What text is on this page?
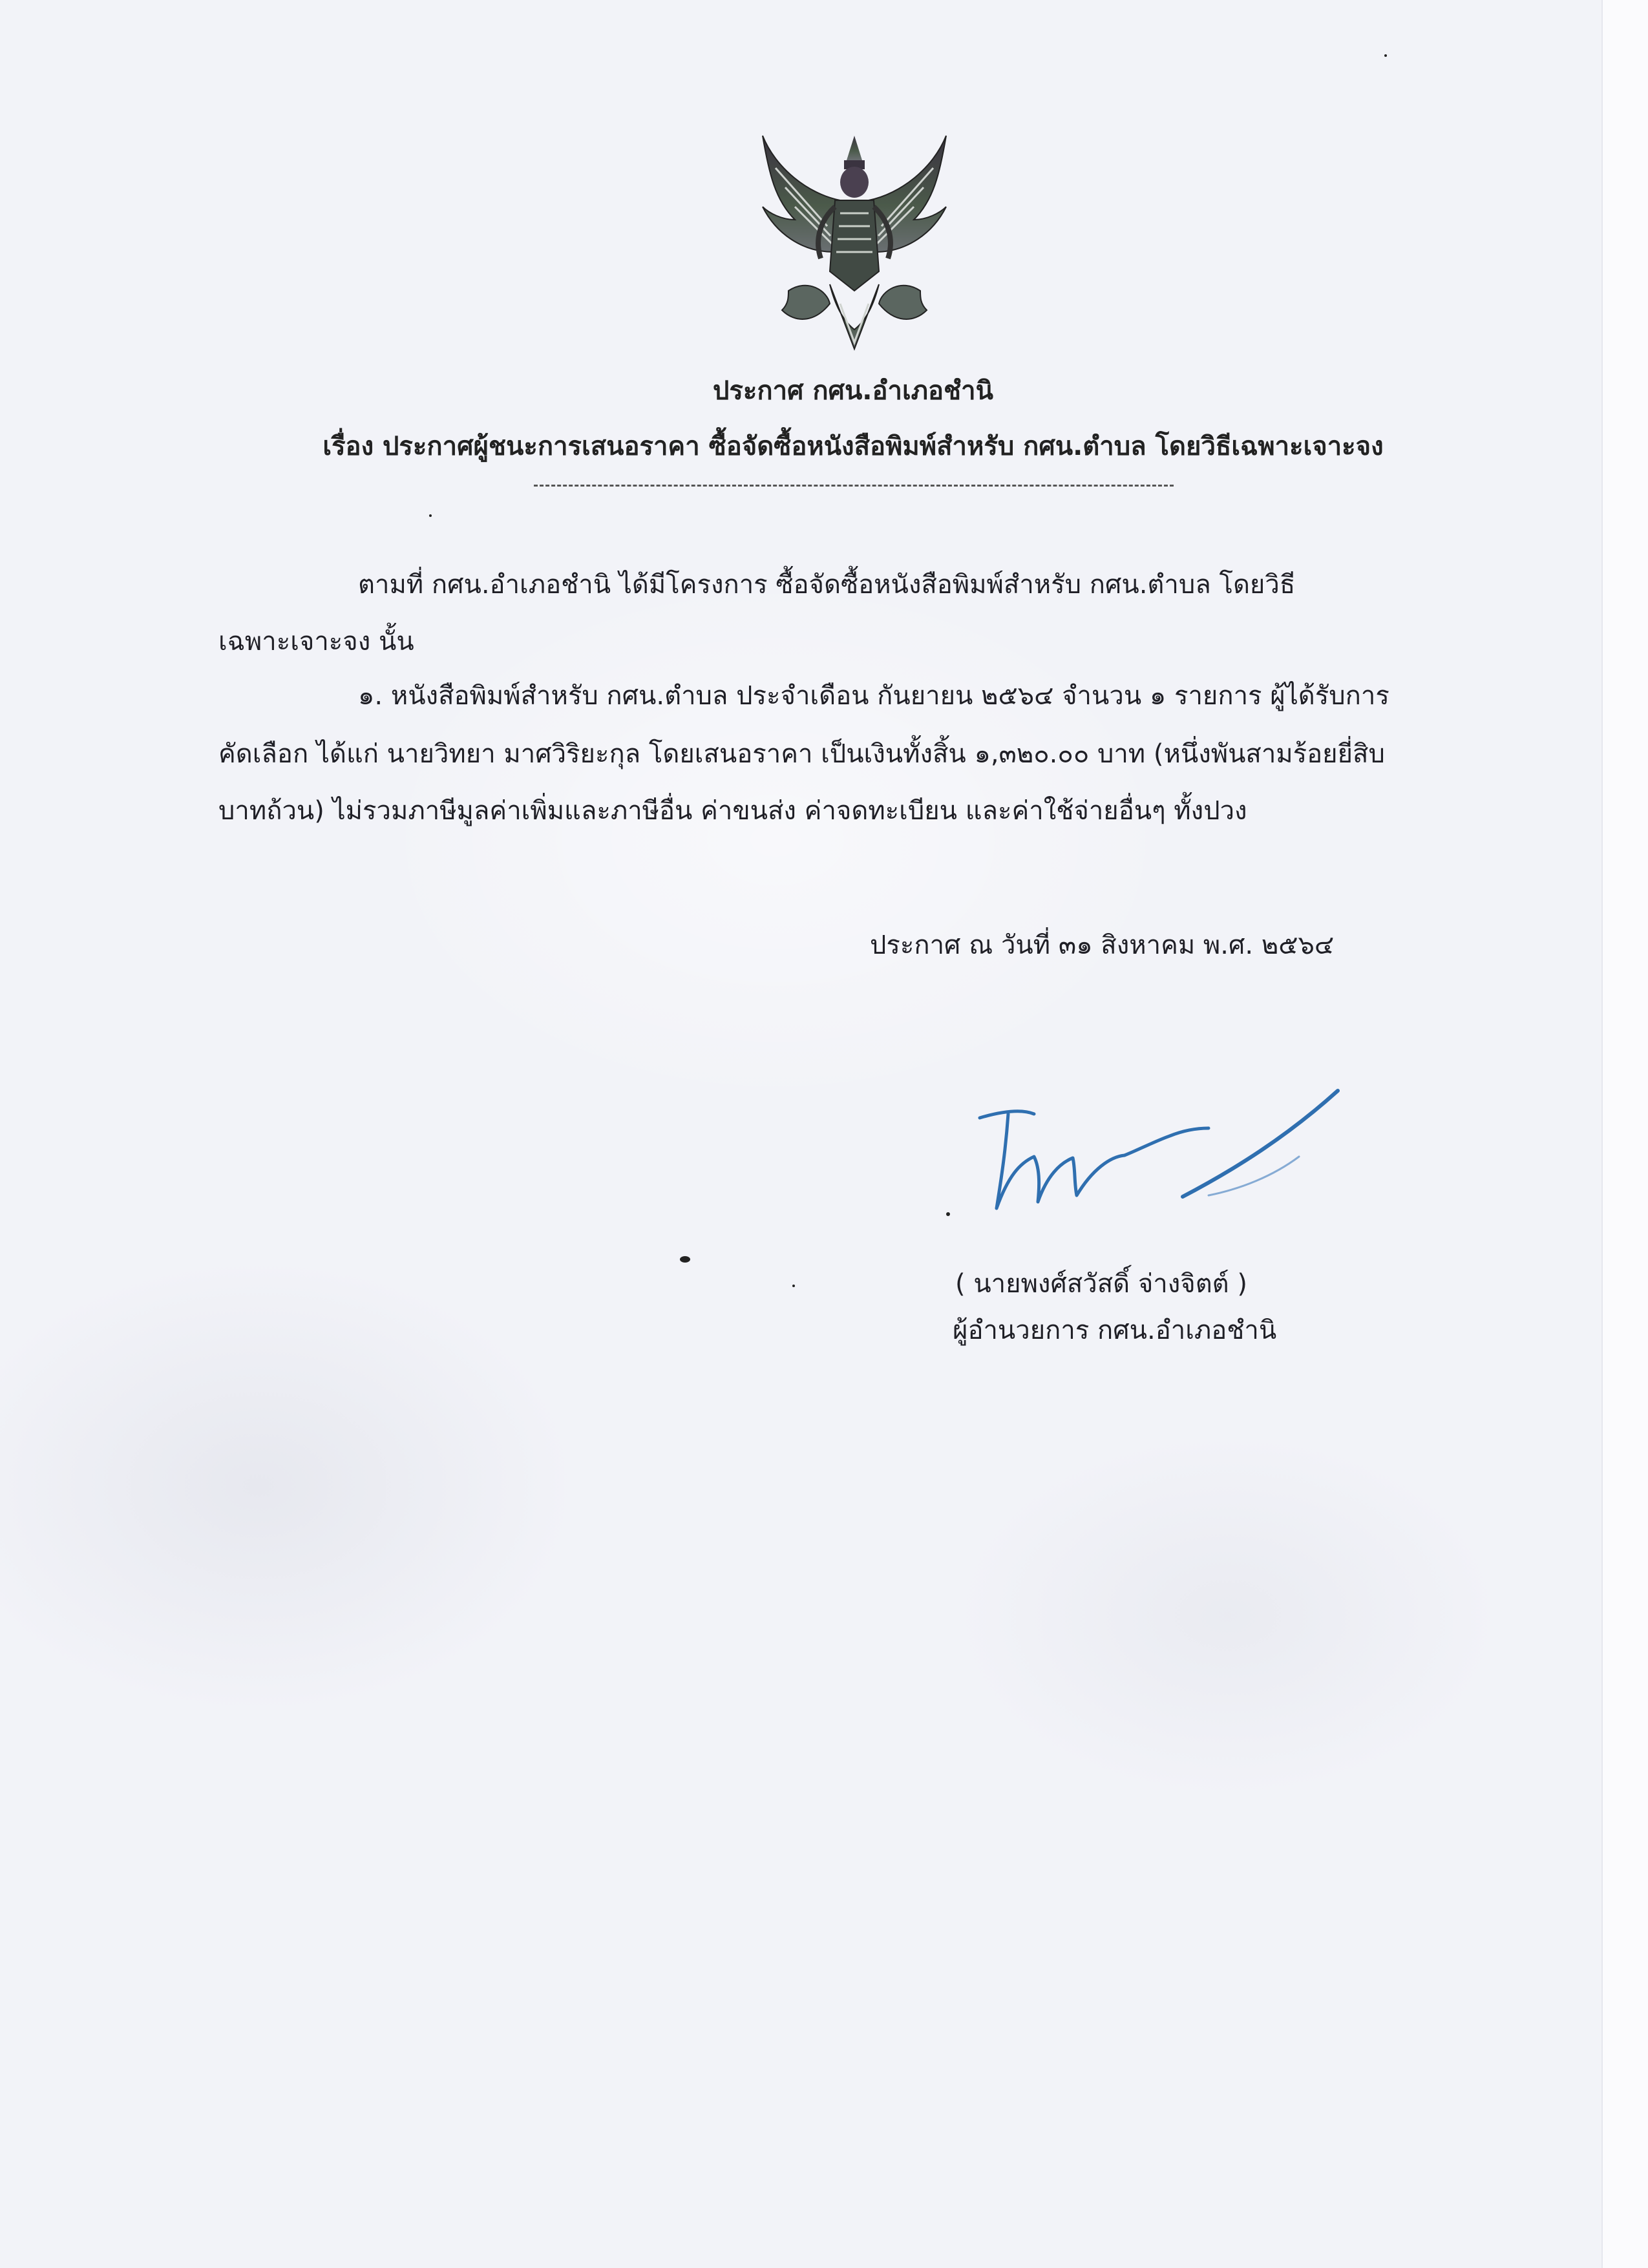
ประกาศ กศน.อำเภอชำนิ
เรื่อง ประกาศผู้ชนะการเสนอราคา ซื้อจัดซื้อหนังสือพิมพ์สำหรับ กศน.ตำบล โดยวิธีเฉพาะเจาะจง
ตามที่ กศน.อำเภอชำนิ ได้มีโครงการ ซื้อจัดซื้อหนังสือพิมพ์สำหรับ กศน.ตำบล โดยวิธี
เฉพาะเจาะจง นั้น
๑. หนังสือพิมพ์สำหรับ กศน.ตำบล ประจำเดือน กันยายน ๒๕๖๔ จำนวน ๑ รายการ ผู้ได้รับการ
คัดเลือก ได้แก่ นายวิทยา มาศวิริยะกุล โดยเสนอราคา เป็นเงินทั้งสิ้น ๑,๓๒๐.๐๐ บาท (หนึ่งพันสามร้อยยี่สิบ
บาทถ้วน) ไม่รวมภาษีมูลค่าเพิ่มและภาษีอื่น ค่าขนส่ง ค่าจดทะเบียน และค่าใช้จ่ายอื่นๆ ทั้งปวง
ประกาศ ณ วันที่ ๓๑ สิงหาคม พ.ศ. ๒๕๖๔
( นายพงศ์สวัสดิ์ จ่างจิตต์ )
ผู้อำนวยการ กศน.อำเภอชำนิ
